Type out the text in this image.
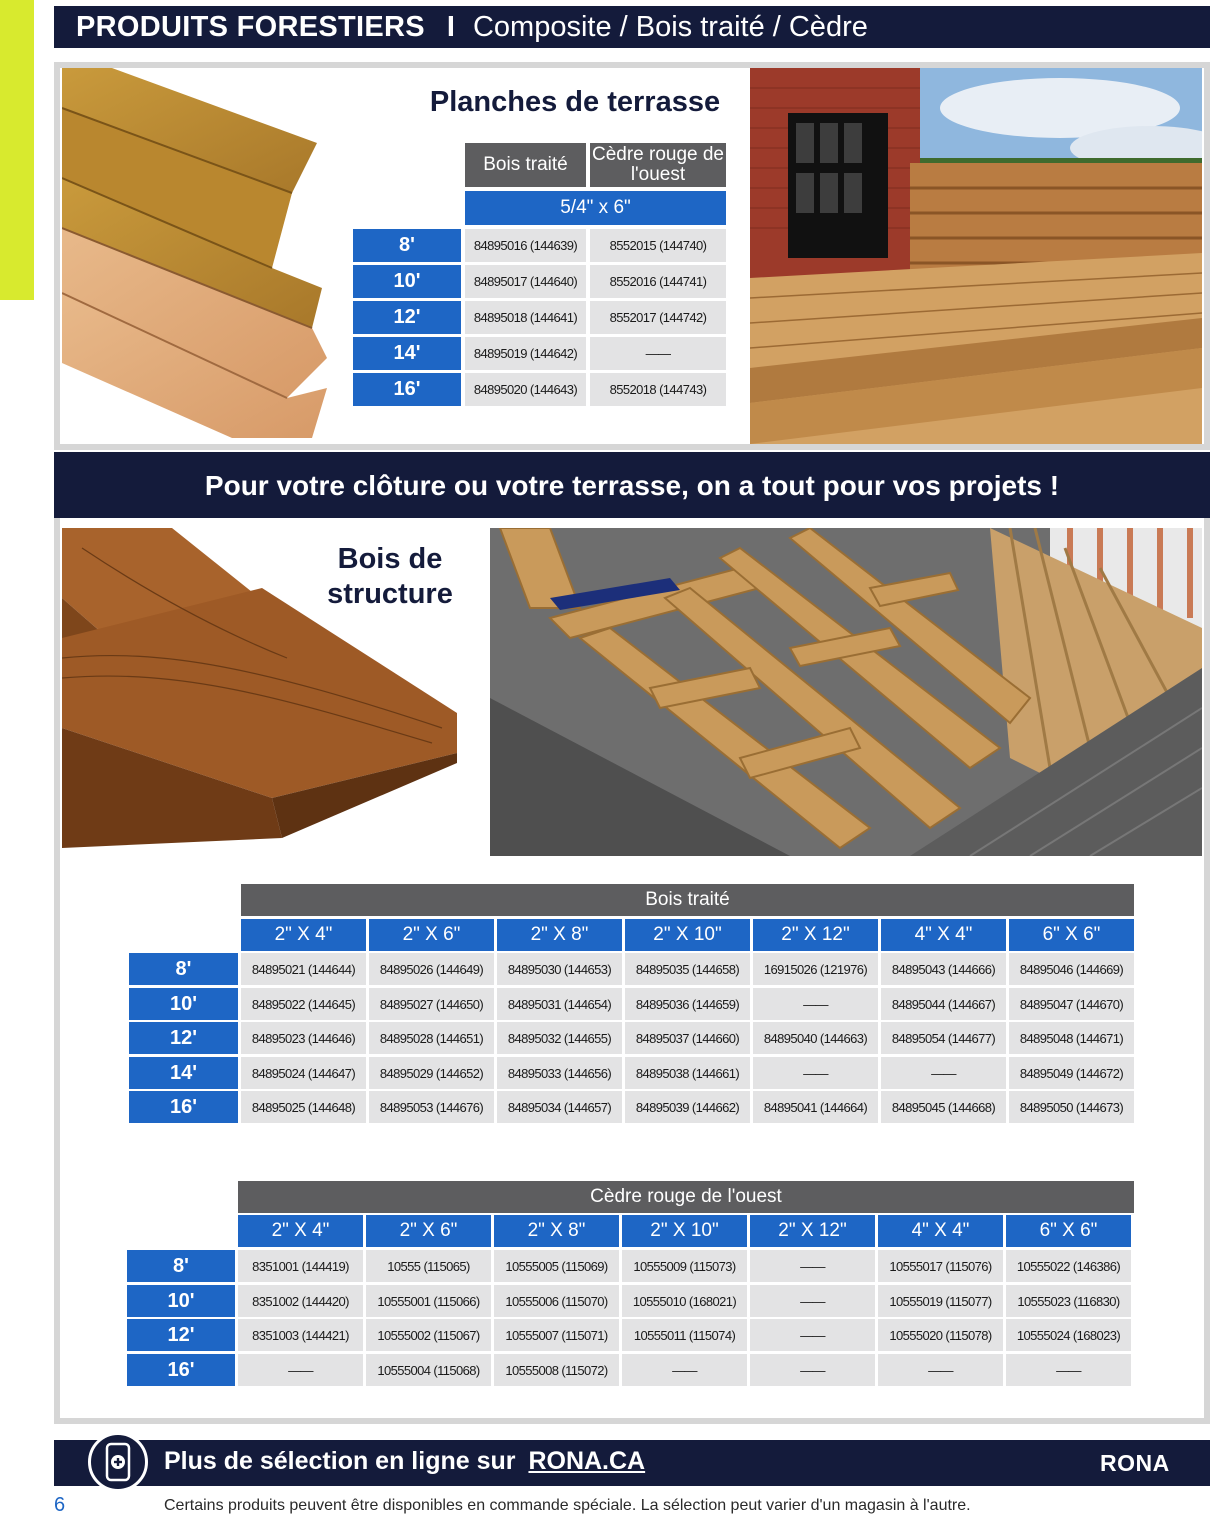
PRODUITS FORESTIERS I Composite / Bois traité / Cèdre
Planches de terrasse
Bois traité	Cèdre rouge de l'ouest
5/4" x 6"
8'	84895016 (144639)	8552015 (144740)
10'	84895017 (144640)	8552016 (144741)
12'	84895018 (144641)	8552017 (144742)
14'	84895019 (144642)	——
16'	84895020 (144643)	8552018 (144743)
Pour votre clôture ou votre terrasse, on a tout pour vos projets !
Bois de structure
Bois traité
2" X 4"	2" X 6"	2" X 8"	2" X 10"	2" X 12"	4" X 4"	6" X 6"
8'	84895021 (144644)	84895026 (144649)	84895030 (144653)	84895035 (144658)	16915026 (121976)	84895043 (144666)	84895046 (144669)
10'	84895022 (144645)	84895027 (144650)	84895031 (144654)	84895036 (144659)	——	84895044 (144667)	84895047 (144670)
12'	84895023 (144646)	84895028 (144651)	84895032 (144655)	84895037 (144660)	84895040 (144663)	84895054 (144677)	84895048 (144671)
14'	84895024 (144647)	84895029 (144652)	84895033 (144656)	84895038 (144661)	——	——	84895049 (144672)
16'	84895025 (144648)	84895053 (144676)	84895034 (144657)	84895039 (144662)	84895041 (144664)	84895045 (144668)	84895050 (144673)
Cèdre rouge de l'ouest
2" X 4"	2" X 6"	2" X 8"	2" X 10"	2" X 12"	4" X 4"	6" X 6"
8'	8351001 (144419)	10555 (115065)	10555005 (115069)	10555009 (115073)	——	10555017 (115076)	10555022 (146386)
10'	8351002 (144420)	10555001 (115066)	10555006 (115070)	10555010 (168021)	——	10555019 (115077)	10555023 (116830)
12'	8351003 (144421)	10555002 (115067)	10555007 (115071)	10555011 (115074)	——	10555020 (115078)	10555024 (168023)
16'	——	10555004 (115068)	10555008 (115072)	——	——	——	——
Plus de sélection en ligne sur RONA.CA	RONA
6	Certains produits peuvent être disponibles en commande spéciale. La sélection peut varier d'un magasin à l'autre.
